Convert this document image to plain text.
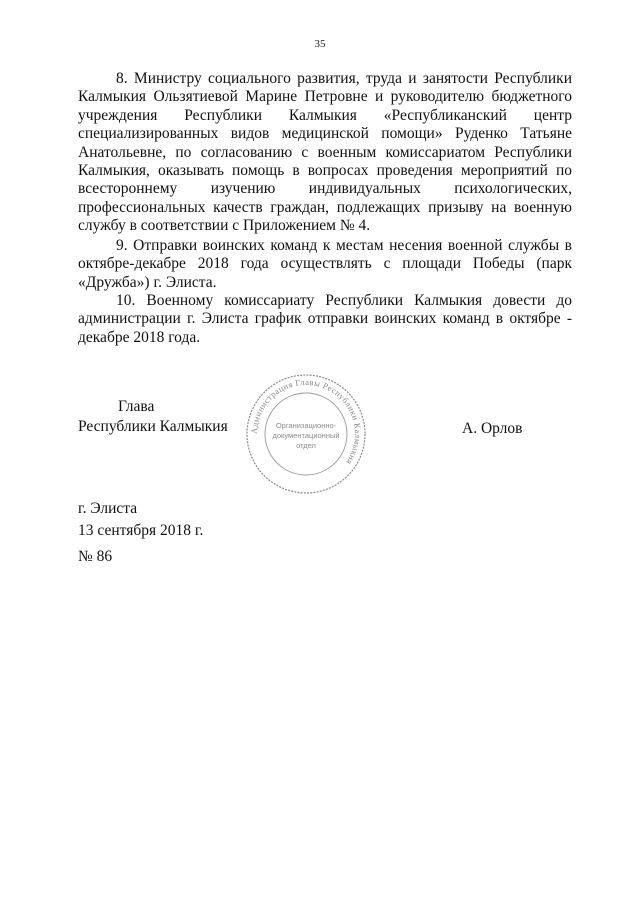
35
8. Министру социального развития, труда и занятости Республики Калмыкия Ользятиевой Марине Петровне и руководителю бюджетного учреждения Республики Калмыкия «Республиканский центр специализированных видов медицинской помощи» Руденко Татьяне Анатольевне, по согласованию с военным комиссариатом Республики Калмыкия, оказывать помощь в вопросах проведения мероприятий по всестороннему изучению индивидуальных психологических, профессиональных качеств граждан, подлежащих призыву на военную службу в соответствии с Приложением № 4.
9. Отправки воинских команд к местам несения военной службы в октябре-декабре 2018 года осуществлять с площади Победы (парк «Дружба») г. Элиста.
10. Военному комиссариату Республики Калмыкия довести до администрации г. Элиста график отправки воинских команд в октябре - декабре 2018 года.
Глава
Республики Калмыкия	А. Орлов
Администрация Главы Республики Калмыкия
Организационно-
документационный
отдел
г. Элиста
13 сентября 2018 г.
№ 86
